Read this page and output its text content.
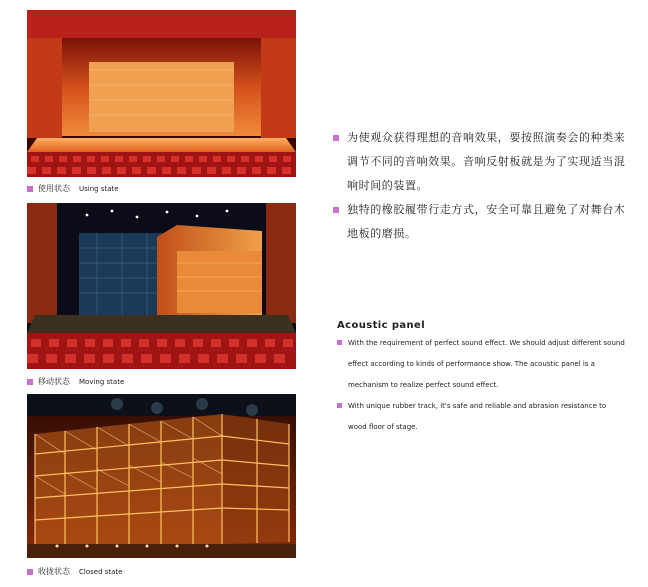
使用状态 Using state
移动状态 Moving state
收拢状态 Closed state
为使观众获得理想的音响效果，要按照演奏会的种类来调节不同的音响效果。音响反射板就是为了实现适当混响时间的装置。
独特的橡胶履带行走方式，安全可靠且避免了对舞台木地板的磨损。
Acoustic panel
With the requirement of perfect sound effect. We should adjust different sound effect according to kinds of performance show. The acoustic panel is a mechanism to realize perfect sound effect.
With unique rubber track, it's safe and reliable and abrasion resistance to wood floor of stage.
